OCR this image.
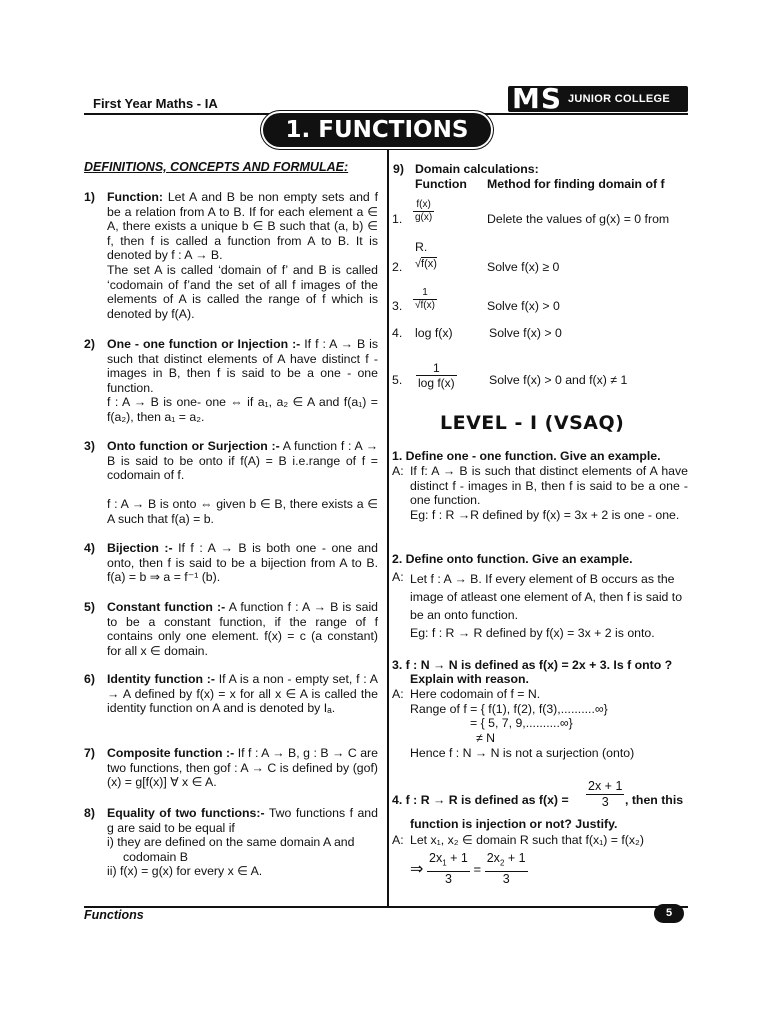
First Year Maths - IA	MS JUNIOR COLLEGE
1. FUNCTIONS
DEFINITIONS, CONCEPTS AND FORMULAE:
1) Function: Let A and B be non empty sets and f be a relation from A to B. If for each element a ∈ A, there exists a unique b ∈ B such that (a, b) ∈ f, then f is called a function from A to B. It is denoted by f : A → B.
The set A is called ‘domain of f’ and B is called ‘codomain of f’and the set of all f images of the elements of A is called the range of f which is denoted by f(A).
2) One - one function or Injection :- If f : A → B is such that distinct elements of A have distinct f - images in B, then f is said to be a one - one function.
f : A → B is one- one ⇔ if a₁, a₂ ∈ A and f(a₁) = f(a₂), then a₁ = a₂.
3) Onto function or Surjection :- A function f : A → B is said to be onto if f(A) = B i.e.range of f = codomain of f.

f : A → B is onto ⇔ given b ∈ B, there exists a ∈ A such that f(a) = b.
4) Bijection :- If f : A → B is both one - one and onto, then f is said to be a bijection from A to B. f(a) = b ⇒ a = f⁻¹ (b).
5) Constant function :- A function f : A → B is said to be a constant function, if the range of f contains only one element. f(x) = c (a constant) for all x ∈ domain.
6) Identity function :- If A is a non - empty set, f : A → A defined by f(x) = x for all x ∈ A is called the identity function on A and is denoted by Iₐ.
7) Composite function :- If f : A → B, g : B → C are two functions, then gof : A → C is defined by (gof) (x) = g[f(x)] ∀ x ∈ A.
8) Equality of two functions:- Two functions f and g are said to be equal if
i) they are defined on the same domain A and
codomain B
ii) f(x) = g(x) for every x ∈ A.
9) Domain calculations:
Function Method for finding domain of f
1. $\frac{f(x)}{g(x)}$	Delete the values of g(x) = 0 from
R.
2. √f(x)	Solve f(x) ≥ 0
3. $\frac{1}{√f(x)}$	Solve f(x) > 0
4. log f(x)	Solve f(x) > 0
5. $\frac{1}{\text{log f(x)}}$	Solve f(x) > 0 and f(x) ≠ 1
LEVEL - I (VSAQ)
1. Define one - one function. Give an example.
A: If f: A → B is such that distinct elements of A have distinct f - images in B, then f is said to be a one - one function.
Eg: f : R →R defined by f(x) = 3x + 2 is one - one.
2. Define onto function. Give an example.
A: Let f : A → B. If every element of B occurs as the image of atleast one element of A, then f is said to be an onto function.
Eg: f : R → R defined by f(x) = 3x + 2 is onto.
3. f : N → N is defined as f(x) = 2x + 3. Is f onto ?
Explain with reason.
A: Here codomain of f = N.
Range of f = { f(1), f(2), f(3),..........∞}
= { 5, 7, 9,..........∞}
≠ N
Hence f : N → N is not a surjection (onto)
4. f : R → R is defined as $f(x) = \frac{2x + 1}{3}$ , then this
function is injection or not? Justify.
A: Let x₁, x₂ ∈ domain R such that f(x₁) = f(x₂)
⇒ $\frac{2x_1 + 1}{3} = \frac{2x_2 + 1}{3}$
Functions	5
